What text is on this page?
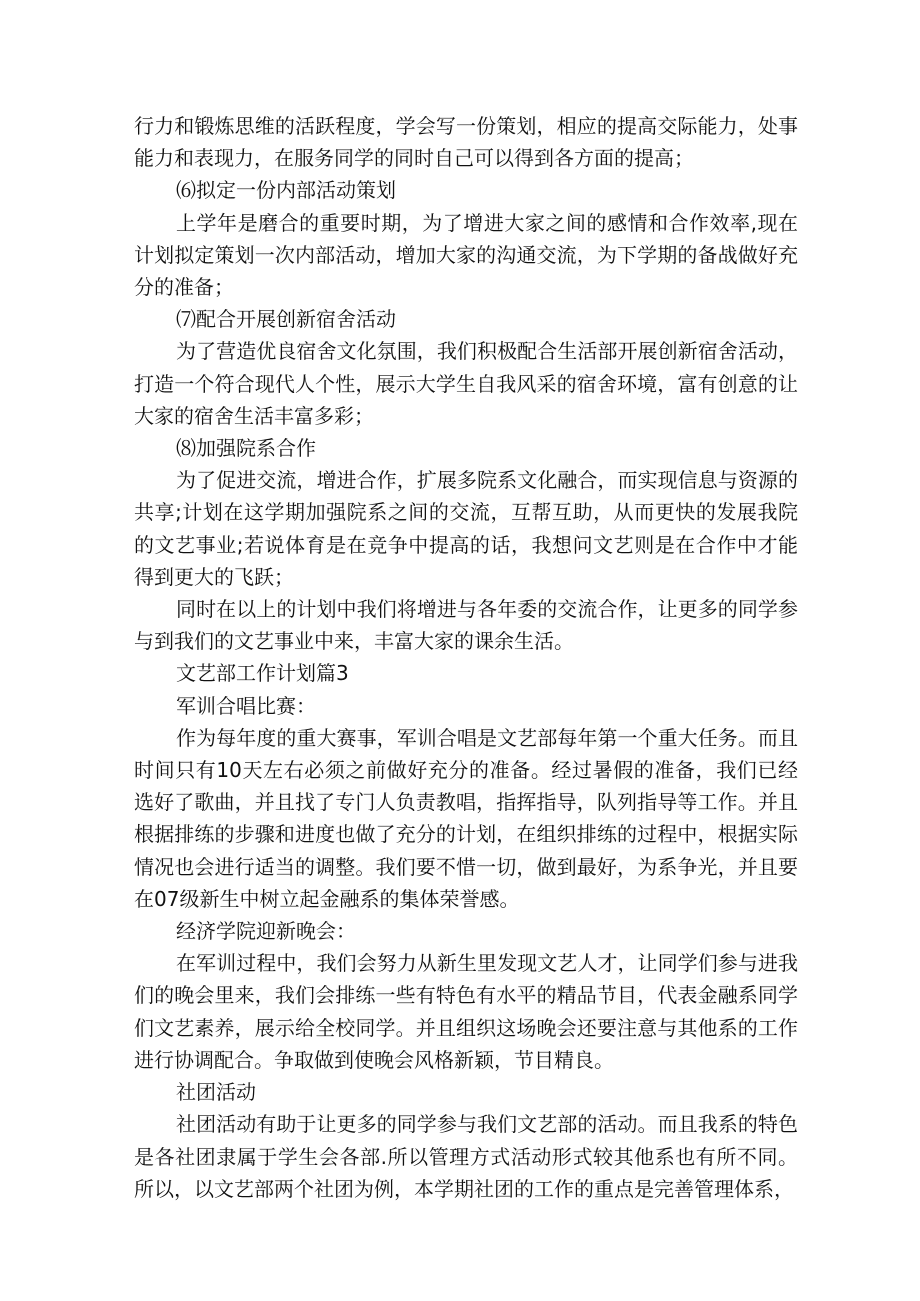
行力和锻炼思维的活跃程度，学会写一份策划，相应的提高交际能力，处事能力和表现力，在服务同学的同时自己可以得到各方面的提高；

⑹拟定一份内部活动策划

上学年是磨合的重要时期，为了增进大家之间的感情和合作效率,现在计划拟定策划一次内部活动，增加大家的沟通交流，为下学期的备战做好充分的准备；

⑺配合开展创新宿舍活动

为了营造优良宿舍文化氛围，我们积极配合生活部开展创新宿舍活动，打造一个符合现代人个性，展示大学生自我风采的宿舍环境，富有创意的让大家的宿舍生活丰富多彩；

⑻加强院系合作

为了促进交流，增进合作，扩展多院系文化融合，而实现信息与资源的共享;计划在这学期加强院系之间的交流，互帮互助，从而更快的发展我院的文艺事业;若说体育是在竞争中提高的话，我想问文艺则是在合作中才能得到更大的飞跃；

同时在以上的计划中我们将增进与各年委的交流合作，让更多的同学参与到我们的文艺事业中来，丰富大家的课余生活。

文艺部工作计划篇3

军训合唱比赛：

作为每年度的重大赛事，军训合唱是文艺部每年第一个重大任务。而且时间只有10天左右必须之前做好充分的准备。经过暑假的准备，我们已经选好了歌曲，并且找了专门人负责教唱，指挥指导，队列指导等工作。并且根据排练的步骤和进度也做了充分的计划，在组织排练的过程中，根据实际情况也会进行适当的调整。我们要不惜一切，做到最好，为系争光，并且要在07级新生中树立起金融系的集体荣誉感。

经济学院迎新晚会：

在军训过程中，我们会努力从新生里发现文艺人才，让同学们参与进我们的晚会里来，我们会排练一些有特色有水平的精品节目，代表金融系同学们文艺素养，展示给全校同学。并且组织这场晚会还要注意与其他系的工作进行协调配合。争取做到使晚会风格新颖，节目精良。

社团活动

社团活动有助于让更多的同学参与我们文艺部的活动。而且我系的特色是各社团隶属于学生会各部.所以管理方式活动形式较其他系也有所不同。所以，以文艺部两个社团为例，本学期社团的工作的重点是完善管理体系，
